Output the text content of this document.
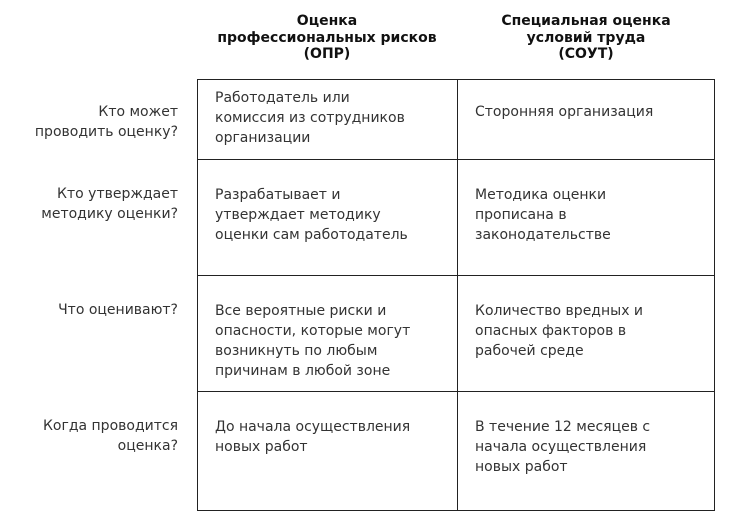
Оценка
профессиональных рисков
(ОПР)
Специальная оценка
условий труда
(СОУТ)
Кто может
проводить оценку?
Кто утверждает
методику оценки?
Что оценивают?
Когда проводится
оценка?
Работодатель или
комиссия из сотрудников
организации
Сторонняя организация
Разрабатывает и
утверждает методику
оценки сам работодатель
Методика оценки
прописана в
законодательстве
Все вероятные риски и
опасности, которые могут
возникнуть по любым
причинам в любой зоне
Количество вредных и
опасных факторов в
рабочей среде
До начала осуществления
новых работ
В течение 12 месяцев с
начала осуществления
новых работ
